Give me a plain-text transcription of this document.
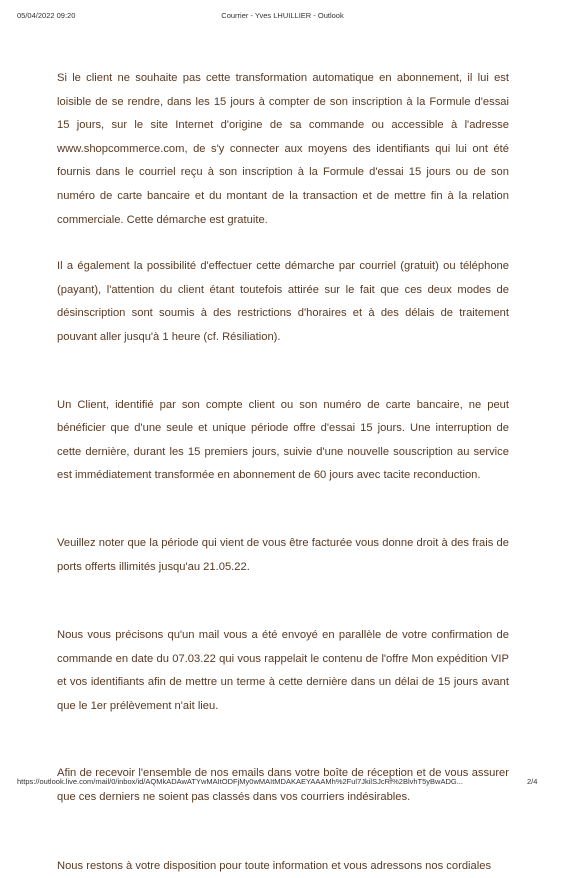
Courrier - Yves LHUILLIER - Outlook
05/04/2022 09:20

Si le client ne souhaite pas cette transformation automatique en abonnement, il lui est loisible de se rendre, dans les 15 jours à compter de son inscription à la Formule d'essai 15 jours, sur le site Internet d'origine de sa commande ou accessible à l'adresse www.shopcommerce.com, de s'y connecter aux moyens des identifiants qui lui ont été fournis dans le courriel reçu à son inscription à la Formule d'essai 15 jours ou de son numéro de carte bancaire et du montant de la transaction et de mettre fin à la relation commerciale. Cette démarche est gratuite.

Il a également la possibilité d'effectuer cette démarche par courriel (gratuit) ou téléphone (payant), l'attention du client étant toutefois attirée sur le fait que ces deux modes de désinscription sont soumis à des restrictions d'horaires et à des délais de traitement pouvant aller jusqu'à 1 heure (cf. Résiliation).

Un Client, identifié par son compte client ou son numéro de carte bancaire, ne peut bénéficier que d'une seule et unique période offre d'essai 15 jours. Une interruption de cette dernière, durant les 15 premiers jours, suivie d'une nouvelle souscription au service est immédiatement transformée en abonnement de 60 jours avec tacite reconduction.

Veuillez noter que la période qui vient de vous être facturée vous donne droit à des frais de ports offerts illimités jusqu'au 21.05.22.

Nous vous précisons qu'un mail vous a été envoyé en parallèle de votre confirmation de commande en date du 07.03.22 qui vous rappelait le contenu de l'offre Mon expédition VIP et vos identifiants afin de mettre un terme à cette dernière dans un délai de 15 jours avant que le 1er prélèvement n'ait lieu.

Afin de recevoir l'ensemble de nos emails dans votre boîte de réception et de vous assurer que ces derniers ne soient pas classés dans vos courriers indésirables.

Nous restons à votre disposition pour toute information et vous adressons nos cordiales

https://outlook.live.com/mail/0/inbox/id/AQMkADAwATYwMAItODFjMy0wMAItMDAKAEYAAAMh%2Ful7JkilSJcRf%2BlvhT5yBwADG...	2/4
